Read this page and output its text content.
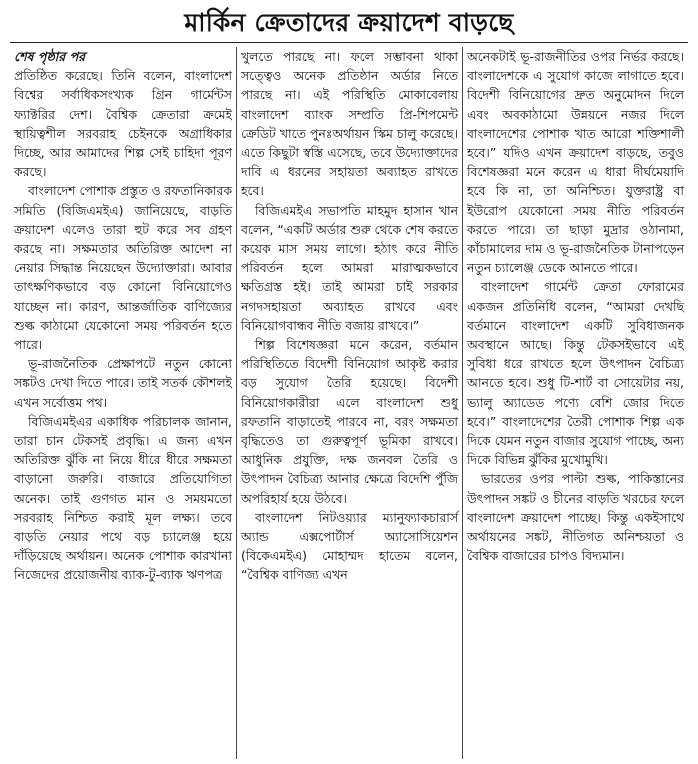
মার্কিন ক্রেতাদের ক্রয়াদেশ বাড়ছে
শেষ পৃষ্ঠার পর

প্রতিষ্ঠিত করেছে। তিনি বলেন, বাংলাদেশ বিশ্বের সর্বাধিকসংখ্যক গ্রিন গার্মেন্টস ফ্যাক্টরির দেশ। বৈশ্বিক ক্রেতারা ক্রমেই স্থায়িত্বশীল সরবরাহ চেইনকে অগ্রাধিকার দিচ্ছে, আর আমাদের শিল্প সেই চাহিদা পূরণ করছে।

বাংলাদেশ পোশাক প্রস্তুত ও রফতানিকারক সমিতি (বিজিএমইএ) জানিয়েছে, বাড়তি ক্রয়াদেশ এলেও তারা হুট করে সব গ্রহণ করছে না। সক্ষমতার অতিরিক্ত আদেশ না নেয়ার সিদ্ধান্ত নিয়েছেন উদ্যোক্তারা। আবার তাৎক্ষণিকভাবে বড় কোনো বিনিয়োগেও যাচ্ছেন না। কারণ, আন্তর্জাতিক বাণিজ্যের শুল্ক কাঠামো যেকোনো সময় পরিবর্তন হতে পারে।

ভূ-রাজনৈতিক প্রেক্ষাপটে নতুন কোনো সঙ্কটও দেখা দিতে পারে। তাই সতর্ক কৌশলই এখন সর্বোত্তম পথ।

বিজিএমইএর একাধিক পরিচালক জানান, তারা চান টেকসই প্রবৃদ্ধি। এ জন্য এখন অতিরিক্ত ঝুঁকি না নিয়ে ধীরে ধীরে সক্ষমতা বাড়ানো জরুরি। বাজারে প্রতিযোগিতা অনেক। তাই গুণগত মান ও সময়মতো সরবরাহ নিশ্চিত করাই মূল লক্ষ্য। তবে বাড়তি নেয়ার পথে বড় চ্যালেঞ্জ হয়ে দাঁড়িয়েছে অর্থায়ন। অনেক পোশাক কারখানা নিজেদের প্রয়োজনীয় ব্যাক-টু-ব্যাক ঋণপত্র

খুলতে পারছে না। ফলে সম্ভাবনা থাকা সত্ত্বেও অনেক প্রতিষ্ঠান অর্ডার নিতে পারছে না। এই পরিস্থিতি মোকাবেলায় বাংলাদেশ ব্যাংক সম্প্রতি প্রি-শিপমেন্ট ক্রেডিট খাতে পুনঃঅর্থায়ন স্কিম চালু করেছে। এতে কিছুটা স্বস্তি এসেছে, তবে উদ্যোক্তাদের দাবি এ ধরনের সহায়তা অব্যাহত রাখতে হবে।

বিজিএমইএ সভাপতি মাহমুদ হাসান খান বলেন, “একটি অর্ডার শুরু থেকে শেষ করতে কয়েক মাস সময় লাগে। হঠাৎ করে নীতি পরিবর্তন হলে আমরা মারাত্মকভাবে ক্ষতিগ্রস্ত হই। তাই আমরা চাই সরকার নগদসহায়তা অব্যাহত রাখবে এবং বিনিয়োগবান্ধব নীতি বজায় রাখবে।”

শিল্প বিশেষজ্ঞরা মনে করেন, বর্তমান পরিস্থিতিতে বিদেশী বিনিয়োগ আকৃষ্ট করার বড় সুযোগ তৈরি হয়েছে। বিদেশী বিনিয়োগকারীরা এলে বাংলাদেশ শুধু রফতানি বাড়াতেই পারবে না, বরং সক্ষমতা বৃদ্ধিতেও তা গুরুত্বপূর্ণ ভূমিকা রাখবে। আধুনিক প্রযুক্তি, দক্ষ জনবল তৈরি ও উৎপাদন বৈচিত্র্য আনার ক্ষেত্রে বিদেশি পুঁজি অপরিহার্য হয়ে উঠবে।

বাংলাদেশ নিটওয়্যার ম্যানুফ্যাকচারার্স অ্যান্ড এক্সপোর্টার্স অ্যাসোসিয়েশন (বিকেএমইএ) মোহাম্মদ হাতেম বলেন, “বৈশ্বিক বাণিজ্য এখন

অনেকটাই ভূ-রাজনীতির ওপর নির্ভর করছে। বাংলাদেশকে এ সুযোগ কাজে লাগাতে হবে। বিদেশী বিনিয়োগের দ্রুত অনুমোদন দিলে এবং অবকাঠামো উন্নয়নে নজর দিলে বাংলাদেশের পোশাক খাত আরো শক্তিশালী হবে।” যদিও এখন ক্রয়াদেশ বাড়ছে, তবুও বিশেষজ্ঞরা মনে করেন এ ধারা দীর্ঘমেয়াদি হবে কি না, তা অনিশ্চিত। যুক্তরাষ্ট্র বা ইউরোপ যেকোনো সময় নীতি পরিবর্তন করতে পারে। তা ছাড়া মুদ্রার ওঠানামা, কাঁচামালের দাম ও ভূ-রাজনৈতিক টানাপড়েন নতুন চ্যালেঞ্জ ডেকে আনতে পারে।

বাংলাদেশ গার্মেন্ট ক্রেতা ফোরামের একজন প্রতিনিধি বলেন, “আমরা দেখছি বর্তমানে বাংলাদেশ একটি সুবিধাজনক অবস্থানে আছে। কিন্তু টেকসইভাবে এই সুবিধা ধরে রাখতে হলে উৎপাদন বৈচিত্র্য আনতে হবে। শুধু টি-শার্ট বা সোয়েটার নয়, ভ্যালু অ্যাডেড পণ্যে বেশি জোর দিতে হবে।” বাংলাদেশের তৈরী পোশাক শিল্প এক দিকে যেমন নতুন বাজার সুযোগ পাচ্ছে, অন্য দিকে বিভিন্ন ঝুঁকির মুখোমুখি।

ভারতের ওপর পাল্টা শুল্ক, পাকিস্তানের উৎপাদন সঙ্কট ও চীনের বাড়তি খরচের ফলে বাংলাদেশ ক্রয়াদেশ পাচ্ছে। কিন্তু একইসাথে অর্থায়নের সঙ্কট, নীতিগত অনিশ্চয়তা ও বৈশ্বিক বাজারের চাপও বিদ্যমান।
